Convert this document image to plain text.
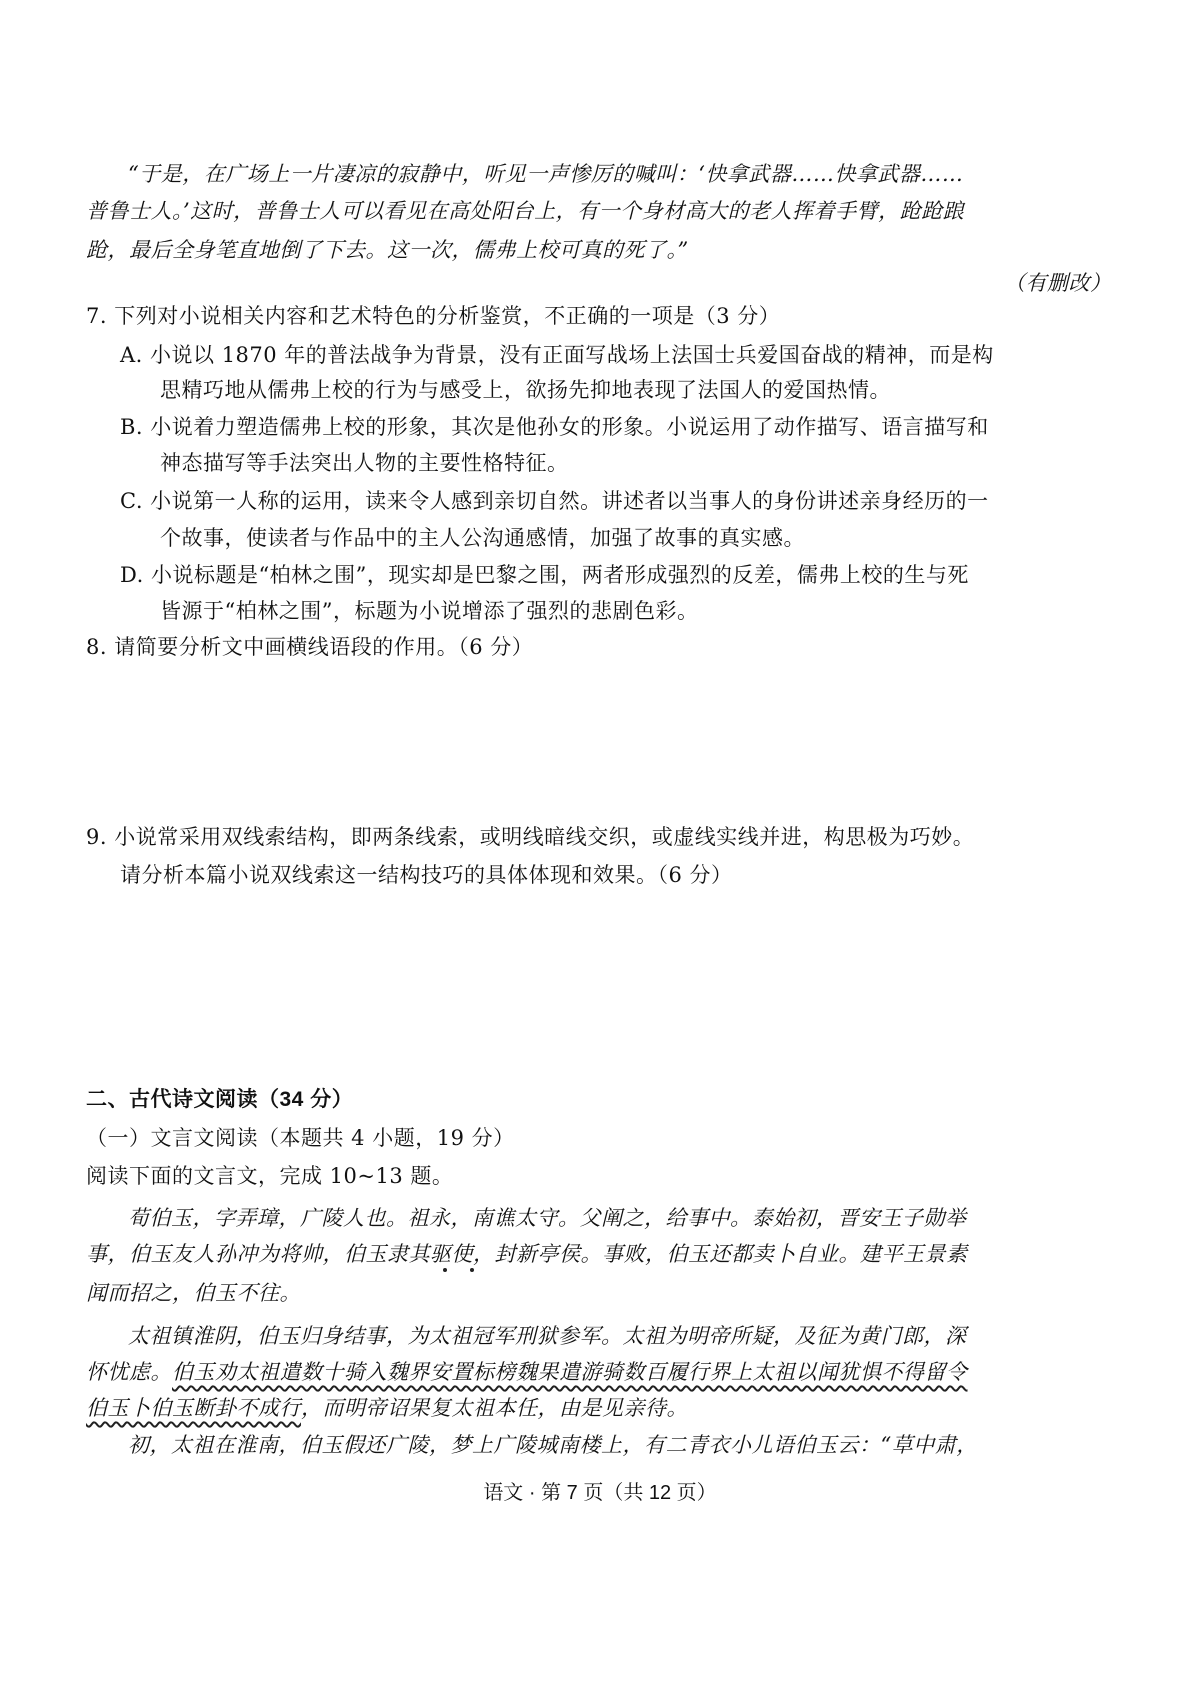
“于是，在广场上一片凄凉的寂静中，听见一声惨厉的喊叫：‘快拿武器……快拿武器……
普鲁士人。’这时，普鲁士人可以看见在高处阳台上，有一个身材高大的老人挥着手臂，跄跄踉
跄，最后全身笔直地倒了下去。这一次，儒弗上校可真的死了。”
（有删改）
7. 下列对小说相关内容和艺术特色的分析鉴赏，不正确的一项是（3 分）
A. 小说以 1870 年的普法战争为背景，没有正面写战场上法国士兵爱国奋战的精神，而是构
思精巧地从儒弗上校的行为与感受上，欲扬先抑地表现了法国人的爱国热情。
B. 小说着力塑造儒弗上校的形象，其次是他孙女的形象。小说运用了动作描写、语言描写和
神态描写等手法突出人物的主要性格特征。
C. 小说第一人称的运用，读来令人感到亲切自然。讲述者以当事人的身份讲述亲身经历的一
个故事，使读者与作品中的主人公沟通感情，加强了故事的真实感。
D. 小说标题是“柏林之围”，现实却是巴黎之围，两者形成强烈的反差，儒弗上校的生与死
皆源于“柏林之围”，标题为小说增添了强烈的悲剧色彩。
8. 请简要分析文中画横线语段的作用。（6 分）
9. 小说常采用双线索结构，即两条线索，或明线暗线交织，或虚线实线并进，构思极为巧妙。
请分析本篇小说双线索这一结构技巧的具体体现和效果。（6 分）
二、古代诗文阅读（34 分）
（一）文言文阅读（本题共 4 小题，19 分）
阅读下面的文言文，完成 10~13 题。
荀伯玉，字弄璋，广陵人也。祖永，南谯太守。父阐之，给事中。泰始初，晋安王子勋举
事，伯玉友人孙冲为将帅，伯玉隶其驱使，封新亭侯。事败，伯玉还都卖卜自业。建平王景素
闻而招之，伯玉不往。
太祖镇淮阴，伯玉归身结事，为太祖冠军刑狱参军。太祖为明帝所疑，及征为黄门郎，深
怀忧虑。伯玉劝太祖遣数十骑入魏界安置标榜魏果遣游骑数百履行界上太祖以闻犹惧不得留令
伯玉卜伯玉断卦不成行，而明帝诏果复太祖本任，由是见亲待。
初，太祖在淮南，伯玉假还广陵，梦上广陵城南楼上，有二青衣小儿语伯玉云：“草中肃，
语文 · 第 7 页（共 12 页）
